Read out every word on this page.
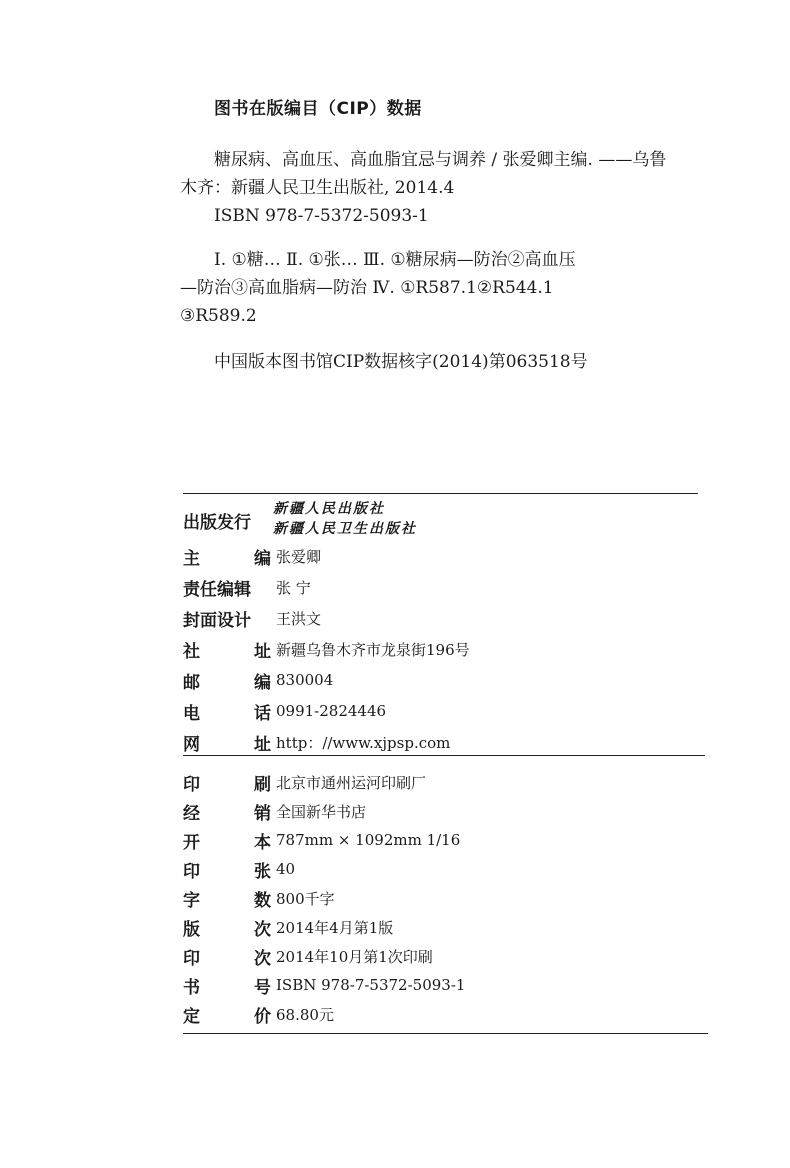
图书在版编目（CIP）数据
糖尿病、高血压、高血脂宜忌与调养 / 张爱卿主编. ——乌鲁
木齐：新疆人民卫生出版社, 2014.4
ISBN 978-7-5372-5093-1
Ⅰ. ①糖… Ⅱ. ①张… Ⅲ. ①糖尿病—防治②高血压
—防治③高血脂病—防治 Ⅳ. ①R587.1②R544.1
③R589.2
中国版本图书馆CIP数据核字(2014)第063518号
出版发行
新疆人民出版社
新疆人民卫生出版社
主	编 张爱卿
责任编辑	张 宁
封面设计	王洪文
社	址 新疆乌鲁木齐市龙泉街196号
邮	编 830004
电	话 0991-2824446
网	址 http：//www.xjpsp.com
印	刷 北京市通州运河印刷厂
经	销 全国新华书店
开	本 787mm × 1092mm 1/16
印	张 40
字	数 800千字
版	次 2014年4月第1版
印	次 2014年10月第1次印刷
书	号 ISBN 978-7-5372-5093-1
定	价 68.80元
